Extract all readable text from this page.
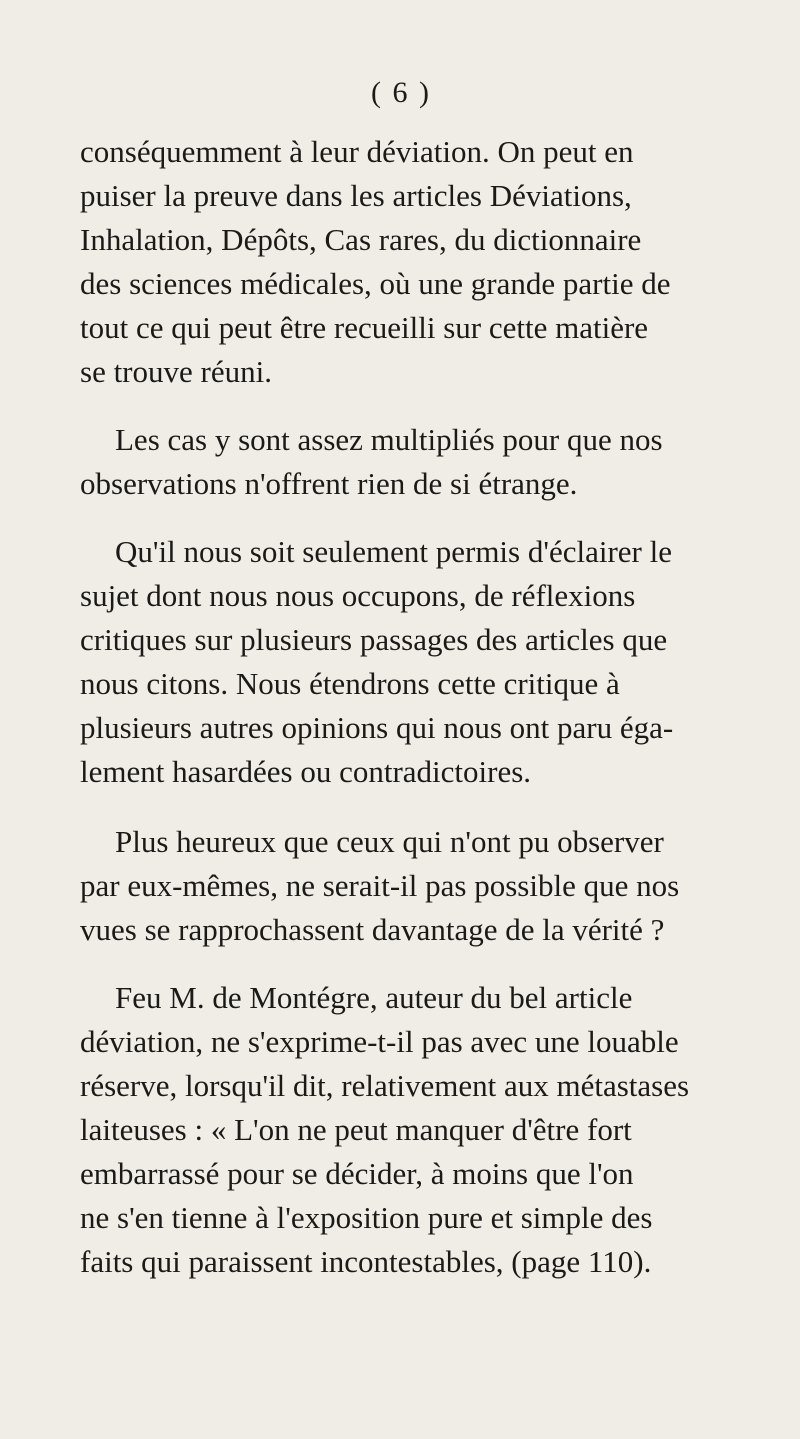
( 6 )
conséquemment à leur déviation. On peut en
puiser la preuve dans les articles Déviations,
Inhalation, Dépôts, Cas rares, du dictionnaire
des sciences médicales, où une grande partie de
tout ce qui peut être recueilli sur cette matière
se trouve réuni.
Les cas y sont assez multipliés pour que nos
observations n'offrent rien de si étrange.
Qu'il nous soit seulement permis d'éclairer le
sujet dont nous nous occupons, de réflexions
critiques sur plusieurs passages des articles que
nous citons. Nous étendrons cette critique à
plusieurs autres opinions qui nous ont paru éga-
lement hasardées ou contradictoires.
Plus heureux que ceux qui n'ont pu observer
par eux-mêmes, ne serait-il pas possible que nos
vues se rapprochassent davantage de la vérité ?
Feu M. de Montégre, auteur du bel article
déviation, ne s'exprime-t-il pas avec une louable
réserve, lorsqu'il dit, relativement aux métastases
laiteuses : « L'on ne peut manquer d'être fort
embarrassé pour se décider, à moins que l'on
ne s'en tienne à l'exposition pure et simple des
faits qui paraissent incontestables, (page 110).
